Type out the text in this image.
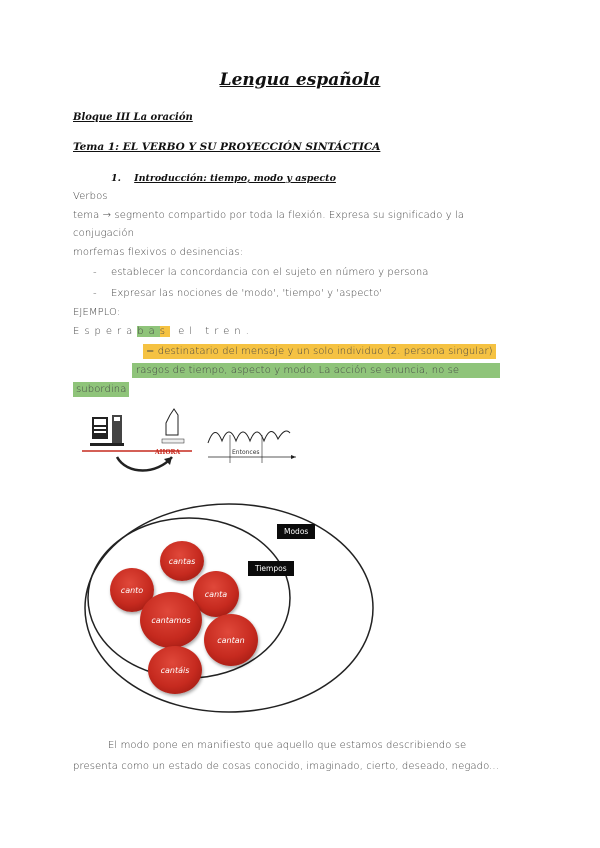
Lengua española
Bloque III La oración
Tema 1: EL VERBO Y SU PROYECCIÓN SINTÁCTICA
1. Introducción: tiempo, modo y aspecto
Verbos
tema → segmento compartido por toda la flexión. Expresa su significado y la
conjugación
morfemas flexivos o desinencias:
- establecer la concordancia con el sujeto en número y persona
- Expresar las nociones de 'modo', 'tiempo' y 'aspecto'
EJEMPLO:
Esperabas el tren.
= destinatario del mensaje y un solo individuo (2. persona singular)
rasgos de tiempo, aspecto y modo. La acción se enuncia, no se
subordina
AHORA	Entonces
Modos
Tiempos
cantas
canto	canta
cantamos
cantan
cantáis
El modo pone en manifiesto que aquello que estamos describiendo se
presenta como un estado de cosas conocido, imaginado, cierto, deseado, negado...
